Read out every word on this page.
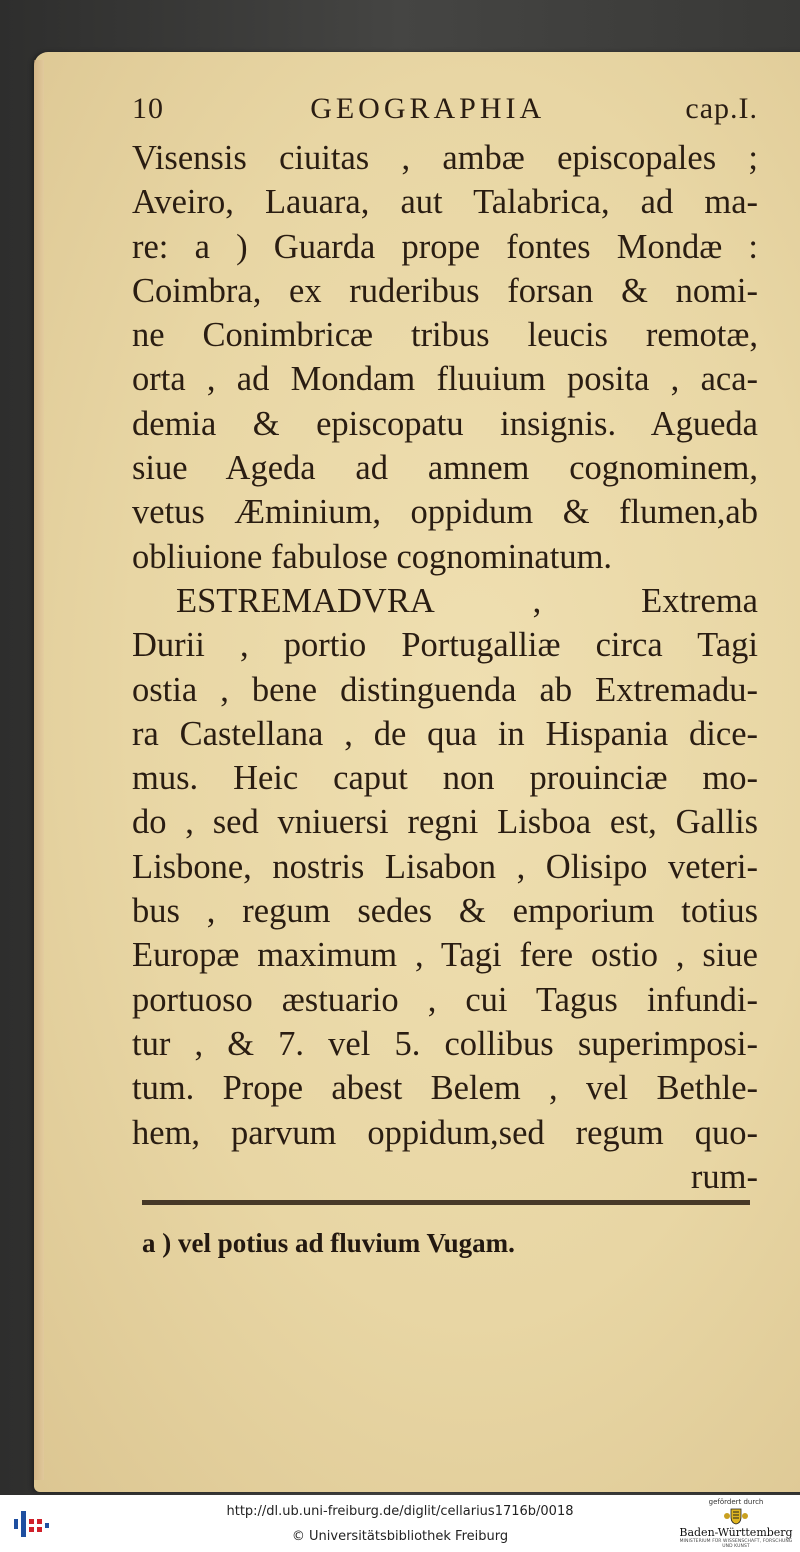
10	GEOGRAPHIA	cap.I.
Visensis ciuitas , ambæ episcopales ;
Aveiro, Lauara, aut Talabrica, ad ma-
re: a ) Guarda prope fontes Mondæ :
Coimbra, ex ruderibus forsan & nomi-
ne Conimbricæ tribus leucis remotæ,
orta , ad Mondam fluuium posita , aca-
demia & episcopatu insignis. Agueda
siue Ageda ad amnem cognominem,
vetus Æminium, oppidum & flumen,ab
obliuione fabulose cognominatum.
ESTREMADVRA , Extrema
Durii , portio Portugalliæ circa Tagi
ostia , bene distinguenda ab Extremadu-
ra Castellana , de qua in Hispania dice-
mus. Heic caput non prouinciæ mo-
do , sed vniuersi regni Lisboa est, Gallis
Lisbone, nostris Lisabon , Olisipo veteri-
bus , regum sedes & emporium totius
Europæ maximum , Tagi fere ostio , siue
portuoso æstuario , cui Tagus infundi-
tur , & 7. vel 5. collibus superimposi-
tum. Prope abest Belem , vel Bethle-
hem, parvum oppidum,sed regum quo-
rum-
a ) vel potius ad fluvium Vugam.
http://dl.ub.uni-freiburg.de/diglit/cellarius1716b/0018
© Universitätsbibliothek Freiburg
gefördert durch
Baden-Württemberg
MINISTERIUM FÜR WISSENSCHAFT, FORSCHUNG UND KUNST
